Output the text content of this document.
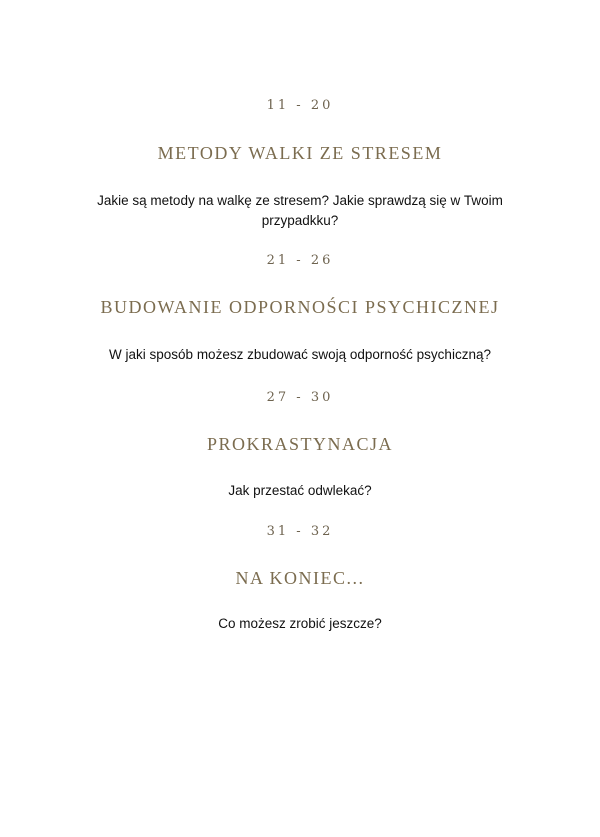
11 - 20
METODY WALKI ZE STRESEM
Jakie są metody na walkę ze stresem? Jakie sprawdzą się w Twoim przypadkku?
21 - 26
BUDOWANIE ODPORNOŚCI PSYCHICZNEJ
W jaki sposób możesz zbudować swoją odporność psychiczną?
27 - 30
PROKRASTYNACJA
Jak przestać odwlekać?
31 - 32
NA KONIEC...
Co możesz zrobić jeszcze?
